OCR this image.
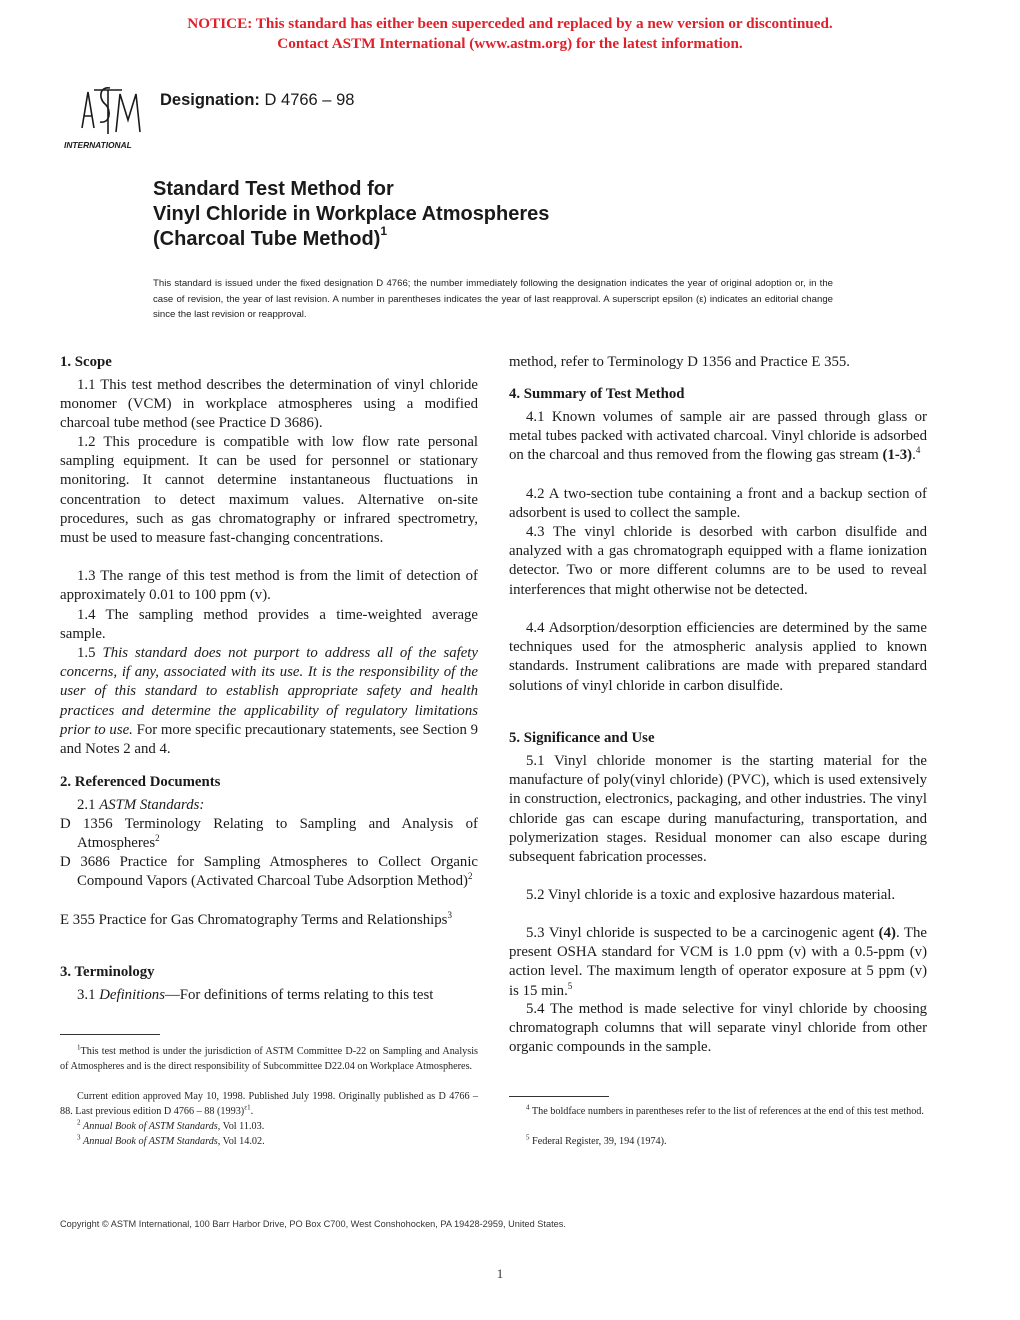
NOTICE: This standard has either been superceded and replaced by a new version or discontinued.
Contact ASTM International (www.astm.org) for the latest information.
INTERNATIONAL
Designation: D 4766 – 98
Standard Test Method for
Vinyl Chloride in Workplace Atmospheres
(Charcoal Tube Method)$^1$
This standard is issued under the fixed designation D 4766; the number immediately following the designation indicates the year of original adoption or, in the case of revision, the year of last revision. A number in parentheses indicates the year of last reapproval. A superscript epsilon (ε) indicates an editorial change since the last revision or reapproval.
1. Scope
1.1 This test method describes the determination of vinyl chloride monomer (VCM) in workplace atmospheres using a modified charcoal tube method (see Practice D 3686).
1.2 This procedure is compatible with low flow rate personal sampling equipment. It can be used for personnel or stationary monitoring. It cannot determine instantaneous fluctuations in concentration to detect maximum values. Alternative on-site procedures, such as gas chromatography or infrared spectrometry, must be used to measure fast-changing concentrations.
1.3 The range of this test method is from the limit of detection of approximately 0.01 to 100 ppm (v).
1.4 The sampling method provides a time-weighted average sample.
1.5 This standard does not purport to address all of the safety concerns, if any, associated with its use. It is the responsibility of the user of this standard to establish appropriate safety and health practices and determine the applicability of regulatory limitations prior to use. For more specific precautionary statements, see Section 9 and Notes 2 and 4.
2. Referenced Documents
2.1 ASTM Standards:
D 1356 Terminology Relating to Sampling and Analysis of Atmospheres$^2$
D 3686 Practice for Sampling Atmospheres to Collect Organic Compound Vapors (Activated Charcoal Tube Adsorption Method)$^2$
E 355 Practice for Gas Chromatography Terms and Relationships$^3$
3. Terminology
3.1 Definitions—For definitions of terms relating to this test
$^1$This test method is under the jurisdiction of ASTM Committee D-22 on Sampling and Analysis of Atmospheres and is the direct responsibility of Subcommittee D22.04 on Workplace Atmospheres.
Current edition approved May 10, 1998. Published July 1998. Originally published as D 4766 – 88. Last previous edition D 4766 – 88 $(1993)^{\varepsilon 1}$.
$^2$ Annual Book of ASTM Standards, Vol 11.03.
$^3$ Annual Book of ASTM Standards, Vol 14.02.
method, refer to Terminology D 1356 and Practice E 355.
4. Summary of Test Method
4.1 Known volumes of sample air are passed through glass or metal tubes packed with activated charcoal. Vinyl chloride is adsorbed on the charcoal and thus removed from the flowing gas stream (1-3).$^4$
4.2 A two-section tube containing a front and a backup section of adsorbent is used to collect the sample.
4.3 The vinyl chloride is desorbed with carbon disulfide and analyzed with a gas chromatograph equipped with a flame ionization detector. Two or more different columns are to be used to reveal interferences that might otherwise not be detected.
4.4 Adsorption/desorption efficiencies are determined by the same techniques used for the atmospheric analysis applied to known standards. Instrument calibrations are made with prepared standard solutions of vinyl chloride in carbon disulfide.
5. Significance and Use
5.1 Vinyl chloride monomer is the starting material for the manufacture of poly(vinyl chloride) (PVC), which is used extensively in construction, electronics, packaging, and other industries. The vinyl chloride gas can escape during manufacturing, transportation, and polymerization stages. Residual monomer can also escape during subsequent fabrication processes.
5.2 Vinyl chloride is a toxic and explosive hazardous material.
5.3 Vinyl chloride is suspected to be a carcinogenic agent (4). The present OSHA standard for VCM is 1.0 ppm (v) with a 0.5-ppm (v) action level. The maximum length of operator exposure at 5 ppm (v) is 15 min.$^5$
5.4 The method is made selective for vinyl chloride by choosing chromatograph columns that will separate vinyl chloride from other organic compounds in the sample.
$^4$ The boldface numbers in parentheses refer to the list of references at the end of this test method.
$^5$ Federal Register, 39, 194 (1974).
Copyright © ASTM International, 100 Barr Harbor Drive, PO Box C700, West Conshohocken, PA 19428-2959, United States.
1
